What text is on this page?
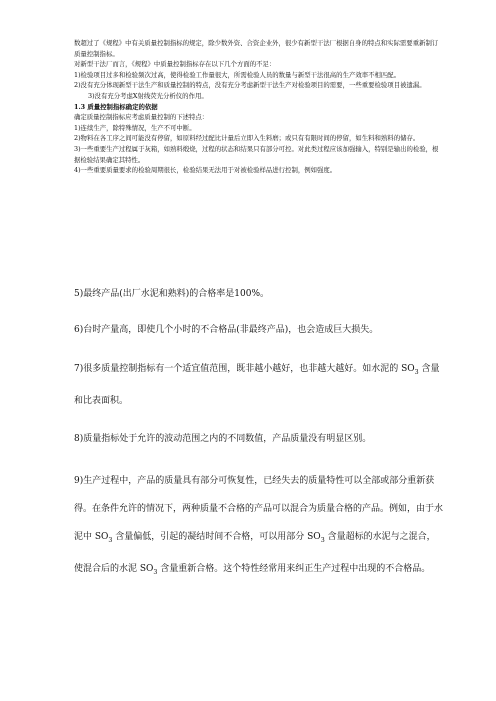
数超过了《规程》中有关质量控制指标的规定，除少数外资、合资企业外，很少有新型干法厂根据自身的特点和实际需要重新制订质量控制指标。

对新型干法厂而言，《规程》中质量控制指标存在以下几个方面的不足：

1)检验项目过多和检验频次过高，使得检验工作量很大，所需检验人员的数量与新型干法很高的生产效率不相匹配。

2)没有充分体现新型干法生产和质量控制的特点，没有充分考虑新型干法生产对检验项目的需要，一些重要检验项目被遗漏。

3)没有充分考虑X射线荧光分析仪的作用。

1.3 质量控制指标确定的依据

确定质量控制指标应考虑质量控制的下述特点：

1)连续生产，除特殊情况，生产不可中断。

2)物料在各工序之间可能没有停留，如原料经过配比计量后立即入生料磨；或只有有限时间的停留，如生料和熟料的储存。

3)一些重要生产过程属于灰箱，如熟料煅烧，过程的状态和结果只有部分可控。对此类过程应该加强输入，特别是输出的检验，根据检验结果确定其特性。

4)一些重要质量要求的检验周期很长，检验结果无法用于对被检验样品进行控制，例如强度。

5)最终产品(出厂水泥和熟料)的合格率是100%。

6)台时产量高，即使几个小时的不合格品(非最终产品)，也会造成巨大损失。

7)很多质量控制指标有一个适宜值范围，既非越小越好，也非越大越好。如水泥的 $SO_3$ 含量和比表面积。

8)质量指标处于允许的波动范围之内的不同数值，产品质量没有明显区别。

9)生产过程中，产品的质量具有部分可恢复性，已经失去的质量特性可以全部或部分重新获得。在条件允许的情况下，两种质量不合格的产品可以混合为质量合格的产品。例如，由于水泥中 $SO_3$ 含量偏低，引起的凝结时间不合格，可以用部分 $SO_3$ 含量超标的水泥与之混合，使混合后的水泥 $SO_3$ 含量重新合格。这个特性经常用来纠正生产过程中出现的不合格品。
